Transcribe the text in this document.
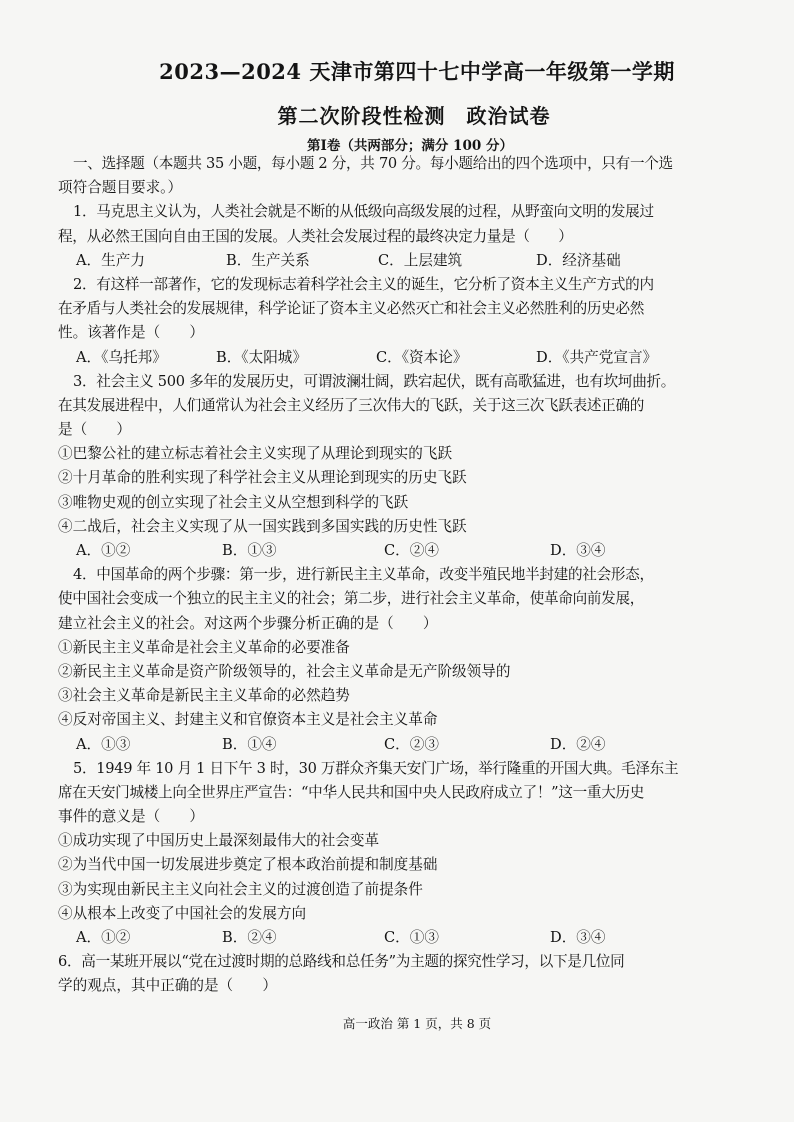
2023—2024 天津市第四十七中学高一年级第一学期
第二次阶段性检测　政治试卷
第Ⅰ卷（共两部分；满分 100 分）
一、选择题（本题共 35 小题，每小题 2 分，共 70 分。每小题给出的四个选项中，只有一个选
项符合题目要求。）
1．马克思主义认为，人类社会就是不断的从低级向高级发展的过程，从野蛮向文明的发展过
程，从必然王国向自由王国的发展。人类社会发展过程的最终决定力量是（　　）
A．生产力	B．生产关系	C．上层建筑	D．经济基础
2．有这样一部著作，它的发现标志着科学社会主义的诞生，它分析了资本主义生产方式的内
在矛盾与人类社会的发展规律，科学论证了资本主义必然灭亡和社会主义必然胜利的历史必然
性。该著作是（　　）
A．《乌托邦》	B．《太阳城》	C．《资本论》	D．《共产党宣言》
3．社会主义 500 多年的发展历史，可谓波澜壮阔，跌宕起伏，既有高歌猛进，也有坎坷曲折。
在其发展进程中，人们通常认为社会主义经历了三次伟大的飞跃，关于这三次飞跃表述正确的
是（　　）
①巴黎公社的建立标志着社会主义实现了从理论到现实的飞跃
②十月革命的胜利实现了科学社会主义从理论到现实的历史飞跃
③唯物史观的创立实现了社会主义从空想到科学的飞跃
④二战后，社会主义实现了从一国实践到多国实践的历史性飞跃
A．①②	B．①③	C．②④	D．③④
4．中国革命的两个步骤：第一步，进行新民主主义革命，改变半殖民地半封建的社会形态，
使中国社会变成一个独立的民主主义的社会；第二步，进行社会主义革命，使革命向前发展，
建立社会主义的社会。对这两个步骤分析正确的是（　　）
①新民主主义革命是社会主义革命的必要准备
②新民主主义革命是资产阶级领导的，社会主义革命是无产阶级领导的
③社会主义革命是新民主主义革命的必然趋势
④反对帝国主义、封建主义和官僚资本主义是社会主义革命
A．①③	B．①④	C．②③	D．②④
5．1949 年 10 月 1 日下午 3 时，30 万群众齐集天安门广场，举行隆重的开国大典。毛泽东主
席在天安门城楼上向全世界庄严宣告：“中华人民共和国中央人民政府成立了！”这一重大历史
事件的意义是（　　）
①成功实现了中国历史上最深刻最伟大的社会变革
②为当代中国一切发展进步奠定了根本政治前提和制度基础
③为实现由新民主主义向社会主义的过渡创造了前提条件
④从根本上改变了中国社会的发展方向
A．①②	B．②④	C．①③	D．③④
6．高一某班开展以“党在过渡时期的总路线和总任务”为主题的探究性学习，以下是几位同
学的观点，其中正确的是（　　）
高一政治 第 1 页，共 8 页
